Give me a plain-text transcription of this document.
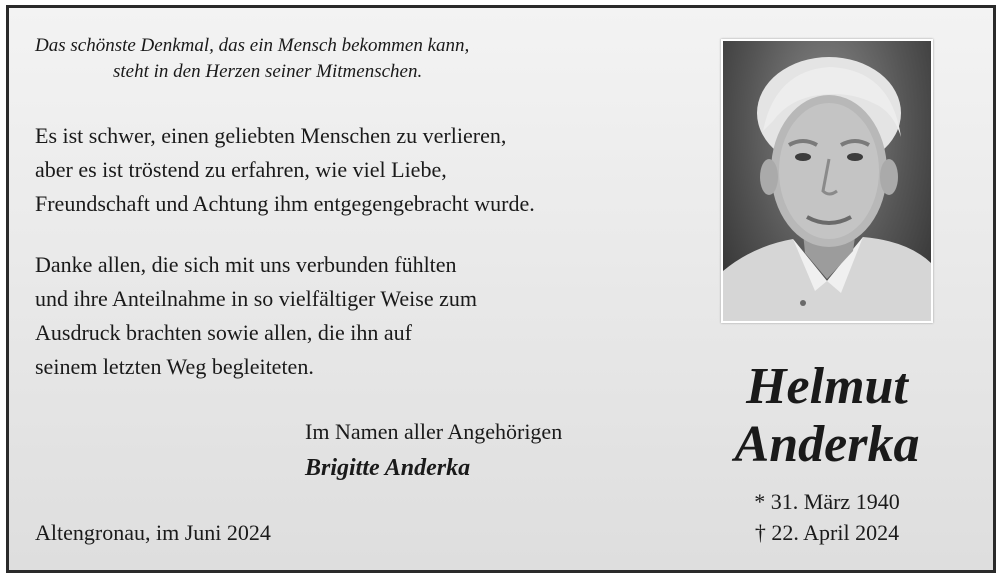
Das schönste Denkmal, das ein Mensch bekommen kann,
steht in den Herzen seiner Mitmenschen.
Es ist schwer, einen geliebten Menschen zu verlieren,
aber es ist tröstend zu erfahren, wie viel Liebe,
Freundschaft und Achtung ihm entgegengebracht wurde.
Danke allen, die sich mit uns verbunden fühlten
und ihre Anteilnahme in so vielfältiger Weise zum
Ausdruck brachten sowie allen, die ihn auf
seinem letzten Weg begleiteten.
Im Namen aller Angehörigen
Brigitte Anderka
Altengronau, im Juni 2024
Helmut
Anderka
* 31. März 1940
† 22. April 2024
